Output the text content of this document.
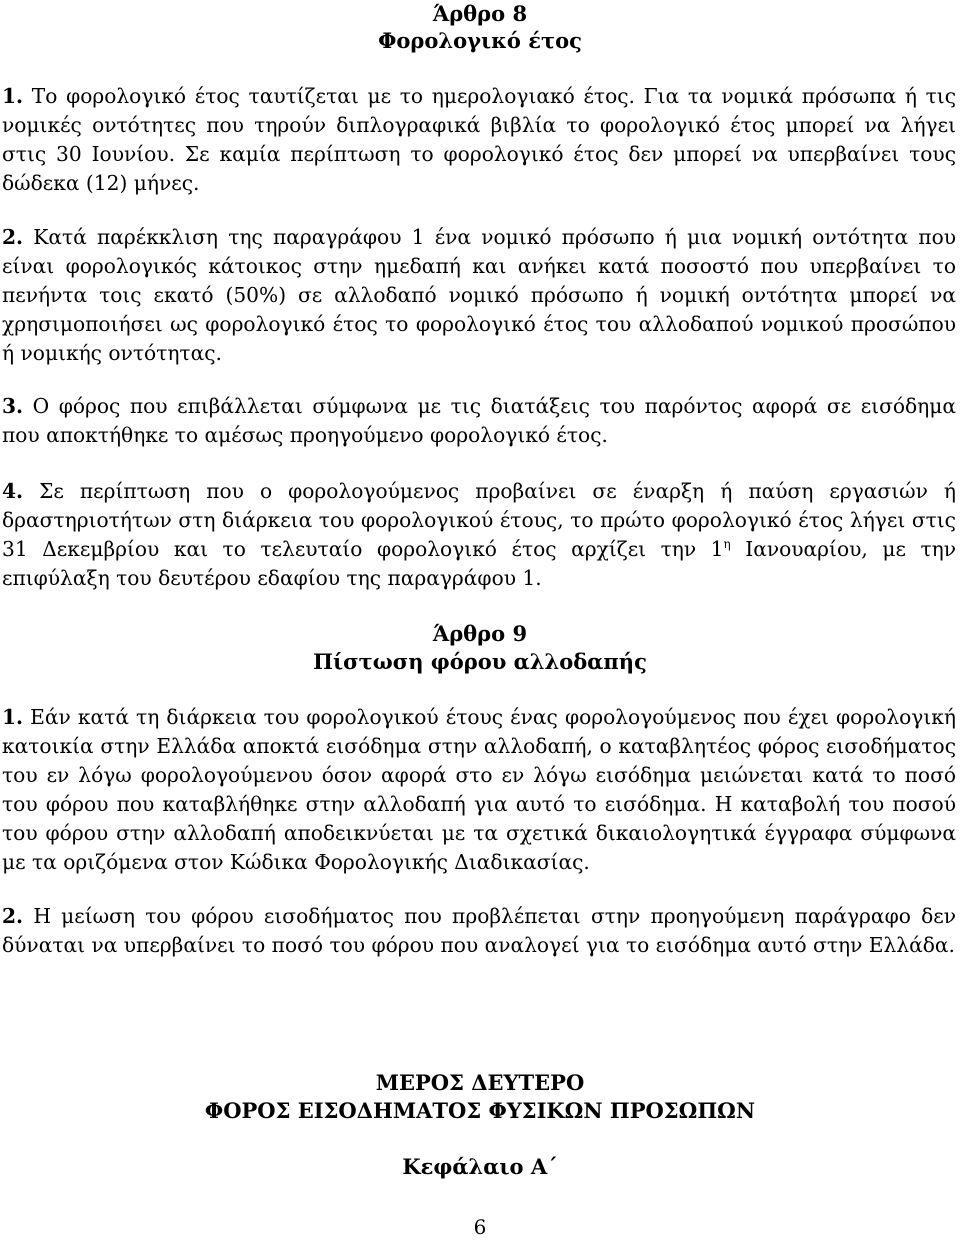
Άρθρο 8
Φορολογικό έτος
1. Το φορολογικό έτος ταυτίζεται με το ημερολογιακό έτος. Για τα νομικά πρόσωπα ή τις νομικές οντότητες που τηρούν διπλογραφικά βιβλία το φορολογικό έτος μπορεί να λήγει στις 30 Ιουνίου. Σε καμία περίπτωση το φορολογικό έτος δεν μπορεί να υπερβαίνει τους δώδεκα (12) μήνες.
2. Κατά παρέκκλιση της παραγράφου 1 ένα νομικό πρόσωπο ή μια νομική οντότητα που είναι φορολογικός κάτοικος στην ημεδαπή και ανήκει κατά ποσοστό που υπερβαίνει το πενήντα τοις εκατό (50%) σε αλλοδαπό νομικό πρόσωπο ή νομική οντότητα μπορεί να χρησιμοποιήσει ως φορολογικό έτος το φορολογικό έτος του αλλοδαπού νομικού προσώπου ή νομικής οντότητας.
3. Ο φόρος που επιβάλλεται σύμφωνα με τις διατάξεις του παρόντος αφορά σε εισόδημα που αποκτήθηκε το αμέσως προηγούμενο φορολογικό έτος.
4. Σε περίπτωση που ο φορολογούμενος προβαίνει σε έναρξη ή παύση εργασιών ή δραστηριοτήτων στη διάρκεια του φορολογικού έτους, το πρώτο φορολογικό έτος λήγει στις 31 Δεκεμβρίου και το τελευταίο φορολογικό έτος αρχίζει την $1^\eta$ Ιανουαρίου, με την επιφύλαξη του δευτέρου εδαφίου της παραγράφου 1.
Άρθρο 9
Πίστωση φόρου αλλοδαπής
1. Εάν κατά τη διάρκεια του φορολογικού έτους ένας φορολογούμενος που έχει φορολογική κατοικία στην Ελλάδα αποκτά εισόδημα στην αλλοδαπή, ο καταβλητέος φόρος εισοδήματος του εν λόγω φορολογούμενου όσον αφορά στο εν λόγω εισόδημα μειώνεται κατά το ποσό του φόρου που καταβλήθηκε στην αλλοδαπή για αυτό το εισόδημα. Η καταβολή του ποσού του φόρου στην αλλοδαπή αποδεικνύεται με τα σχετικά δικαιολογητικά έγγραφα σύμφωνα με τα οριζόμενα στον Κώδικα Φορολογικής Διαδικασίας.
2. Η μείωση του φόρου εισοδήματος που προβλέπεται στην προηγούμενη παράγραφο δεν δύναται να υπερβαίνει το ποσό του φόρου που αναλογεί για το εισόδημα αυτό στην Ελλάδα.
ΜΕΡΟΣ ΔΕΥΤΕΡΟ
ΦΟΡΟΣ ΕΙΣΟΔΗΜΑΤΟΣ ΦΥΣΙΚΩΝ ΠΡΟΣΩΠΩΝ
Κεφάλαιο Α΄
6
